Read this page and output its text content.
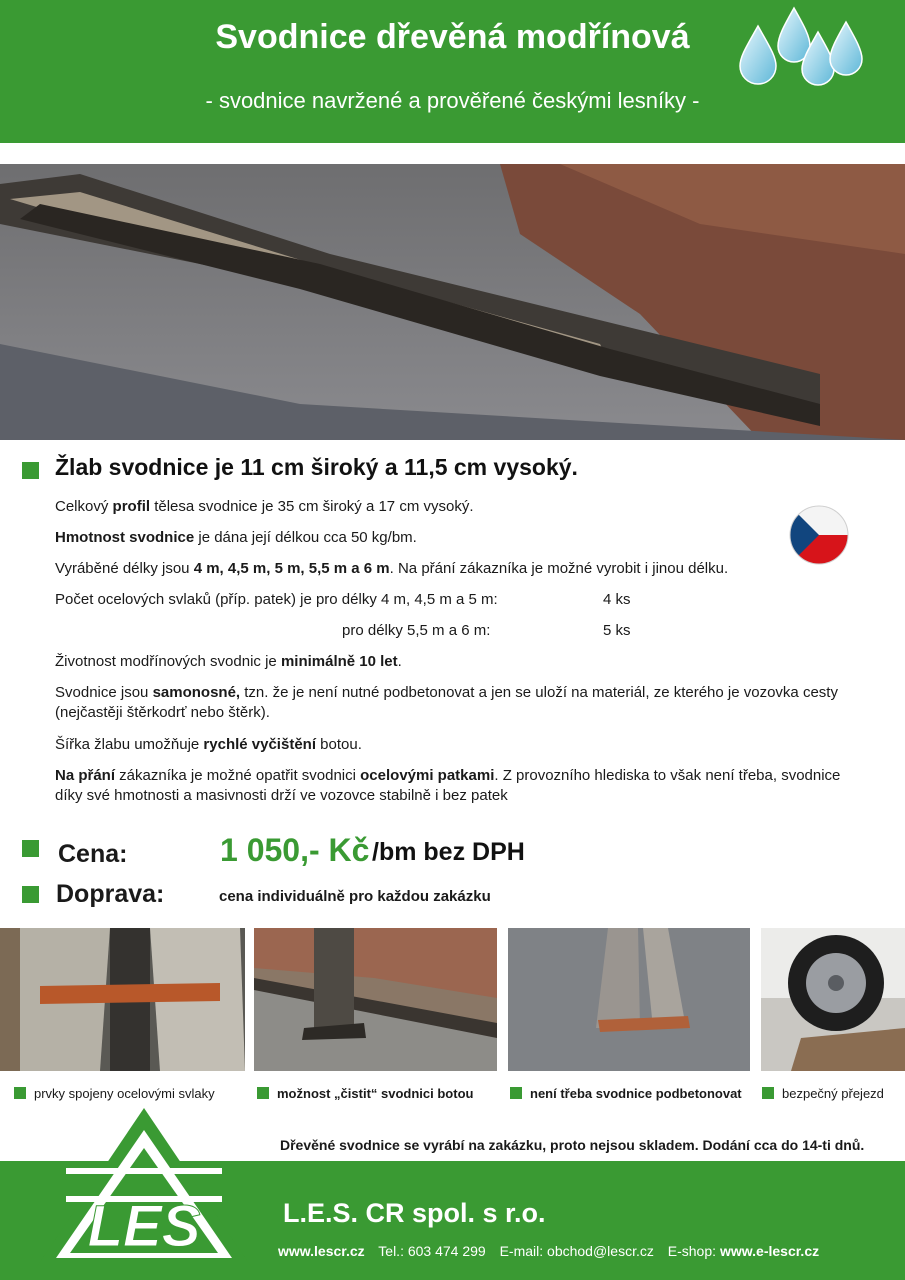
Svodnice dřevěná modřínová
- svodnice navržené a prověřené českými lesníky -
Žlab svodnice je 11 cm široký a 11,5 cm vysoký.
Celkový profil tělesa svodnice je 35 cm široký a 17 cm vysoký.
Hmotnost svodnice je dána její délkou cca 50 kg/bm.
Vyráběné délky jsou 4 m, 4,5 m, 5 m, 5,5 m a 6 m. Na přání zákazníka je možné vyrobit i jinou délku.
Počet ocelových svlaků (příp. patek) je pro délky 4 m, 4,5 m a 5 m:	4 ks
pro délky 5,5 m a 6 m:	5 ks
Životnost modřínových svodnic je minimálně 10 let.
Svodnice jsou samonosné, tzn. že je není nutné podbetonovat a jen se uloží na materiál, ze kterého je vozovka cesty (nejčastěji štěrkodrť nebo štěrk).
Šířka žlabu umožňuje rychlé vyčištění botou.
Na přání zákazníka je možné opatřit svodnici ocelovými patkami. Z provozního hlediska to však není třeba, svodnice díky své hmotnosti a masivnosti drží ve vozovce stabilně i bez patek
Cena:	1 050,- Kč /bm bez DPH
Doprava:	cena individuálně pro každou zakázku
prvky spojeny ocelovými svlaky	možnost „čistit“ svodnici botou	není třeba svodnice podbetonovat	bezpečný přejezd
Dřevěné svodnice se vyrábí na zakázku, proto nejsou skladem. Dodání cca do 14-ti dnů.
LES	L.E.S. CR spol. s r.o.
www.lescr.cz Tel.: 603 474 299 E-mail: obchod@lescr.cz E-shop: www.e-lescr.cz
